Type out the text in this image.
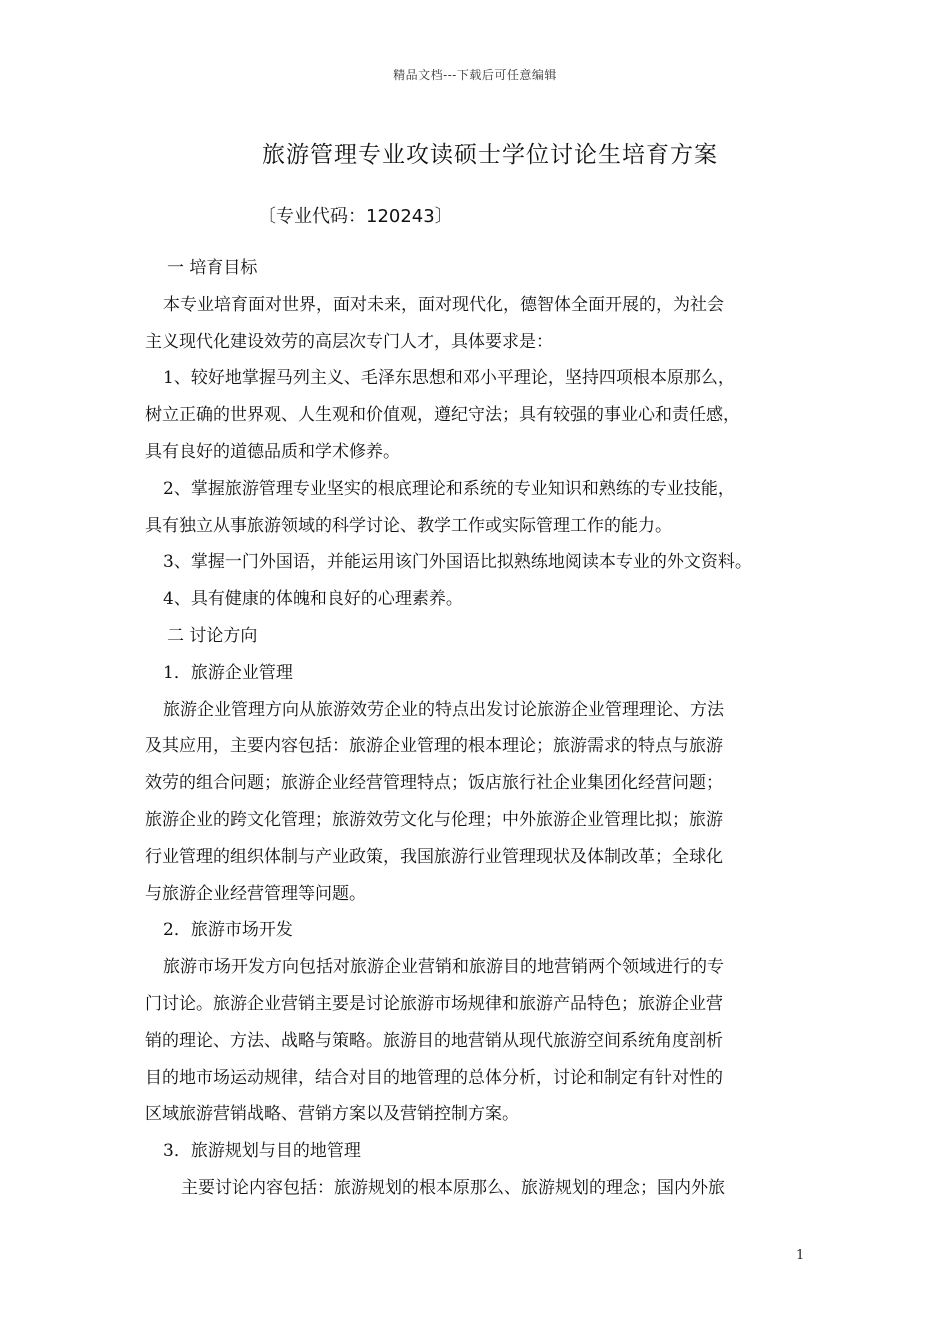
精品文档---下载后可任意编辑
旅游管理专业攻读硕士学位讨论生培育方案
〔专业代码：120243〕
一 培育目标
本专业培育面对世界，面对未来，面对现代化，德智体全面开展的，为社会
主义现代化建设效劳的高层次专门人才，具体要求是：
1、较好地掌握马列主义、毛泽东思想和邓小平理论，坚持四项根本原那么，
树立正确的世界观、人生观和价值观，遵纪守法；具有较强的事业心和责任感，
具有良好的道德品质和学术修养。
2、掌握旅游管理专业坚实的根底理论和系统的专业知识和熟练的专业技能，
具有独立从事旅游领域的科学讨论、教学工作或实际管理工作的能力。
3、掌握一门外国语，并能运用该门外国语比拟熟练地阅读本专业的外文资料。
4、具有健康的体魄和良好的心理素养。
二 讨论方向
1．旅游企业管理
旅游企业管理方向从旅游效劳企业的特点出发讨论旅游企业管理理论、方法
及其应用，主要内容包括：旅游企业管理的根本理论；旅游需求的特点与旅游
效劳的组合问题；旅游企业经营管理特点；饭店旅行社企业集团化经营问题；
旅游企业的跨文化管理；旅游效劳文化与伦理；中外旅游企业管理比拟；旅游
行业管理的组织体制与产业政策，我国旅游行业管理现状及体制改革；全球化
与旅游企业经营管理等问题。
2．旅游市场开发
旅游市场开发方向包括对旅游企业营销和旅游目的地营销两个领域进行的专
门讨论。旅游企业营销主要是讨论旅游市场规律和旅游产品特色；旅游企业营
销的理论、方法、战略与策略。旅游目的地营销从现代旅游空间系统角度剖析
目的地市场运动规律，结合对目的地管理的总体分析，讨论和制定有针对性的
区域旅游营销战略、营销方案以及营销控制方案。
3．旅游规划与目的地管理
主要讨论内容包括：旅游规划的根本原那么、旅游规划的理念；国内外旅
1
